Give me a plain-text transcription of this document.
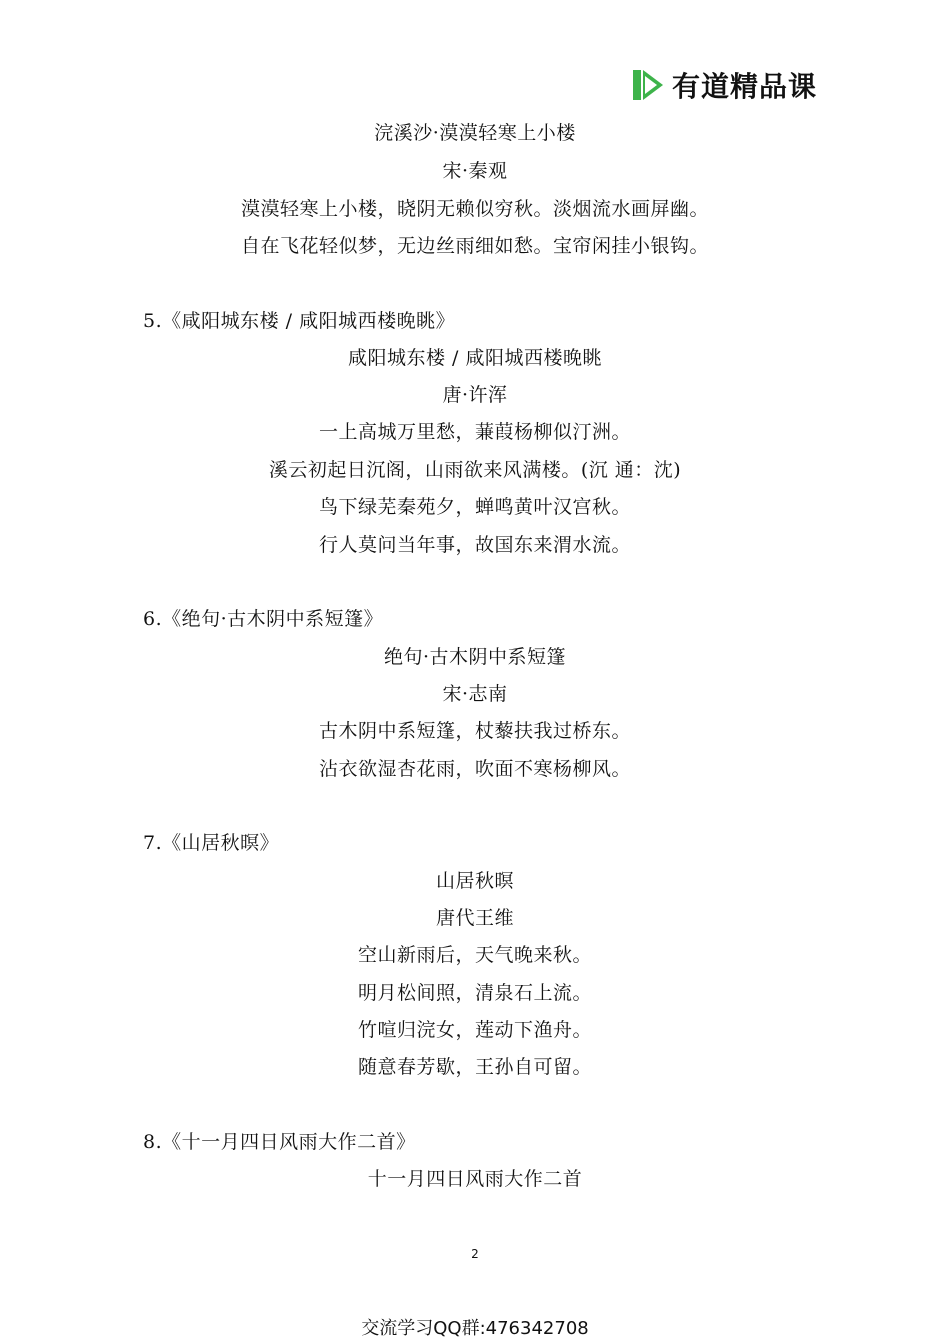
有道精品课
浣溪沙·漠漠轻寒上小楼
宋·秦观
漠漠轻寒上小楼，晓阴无赖似穷秋。淡烟流水画屏幽。
自在飞花轻似梦，无边丝雨细如愁。宝帘闲挂小银钩。
5.《咸阳城东楼 / 咸阳城西楼晚眺》
咸阳城东楼 / 咸阳城西楼晚眺
唐·许浑
一上高城万里愁，蒹葭杨柳似汀洲。
溪云初起日沉阁，山雨欲来风满楼。(沉 通：沈)
鸟下绿芜秦苑夕，蝉鸣黄叶汉宫秋。
行人莫问当年事，故国东来渭水流。
6.《绝句·古木阴中系短篷》
绝句·古木阴中系短篷
宋·志南
古木阴中系短篷，杖藜扶我过桥东。
沾衣欲湿杏花雨，吹面不寒杨柳风。
7.《山居秋暝》
山居秋暝
唐代王维
空山新雨后，天气晚来秋。
明月松间照，清泉石上流。
竹喧归浣女，莲动下渔舟。
随意春芳歇，王孙自可留。
8.《十一月四日风雨大作二首》
十一月四日风雨大作二首
2
交流学习QQ群:476342708
